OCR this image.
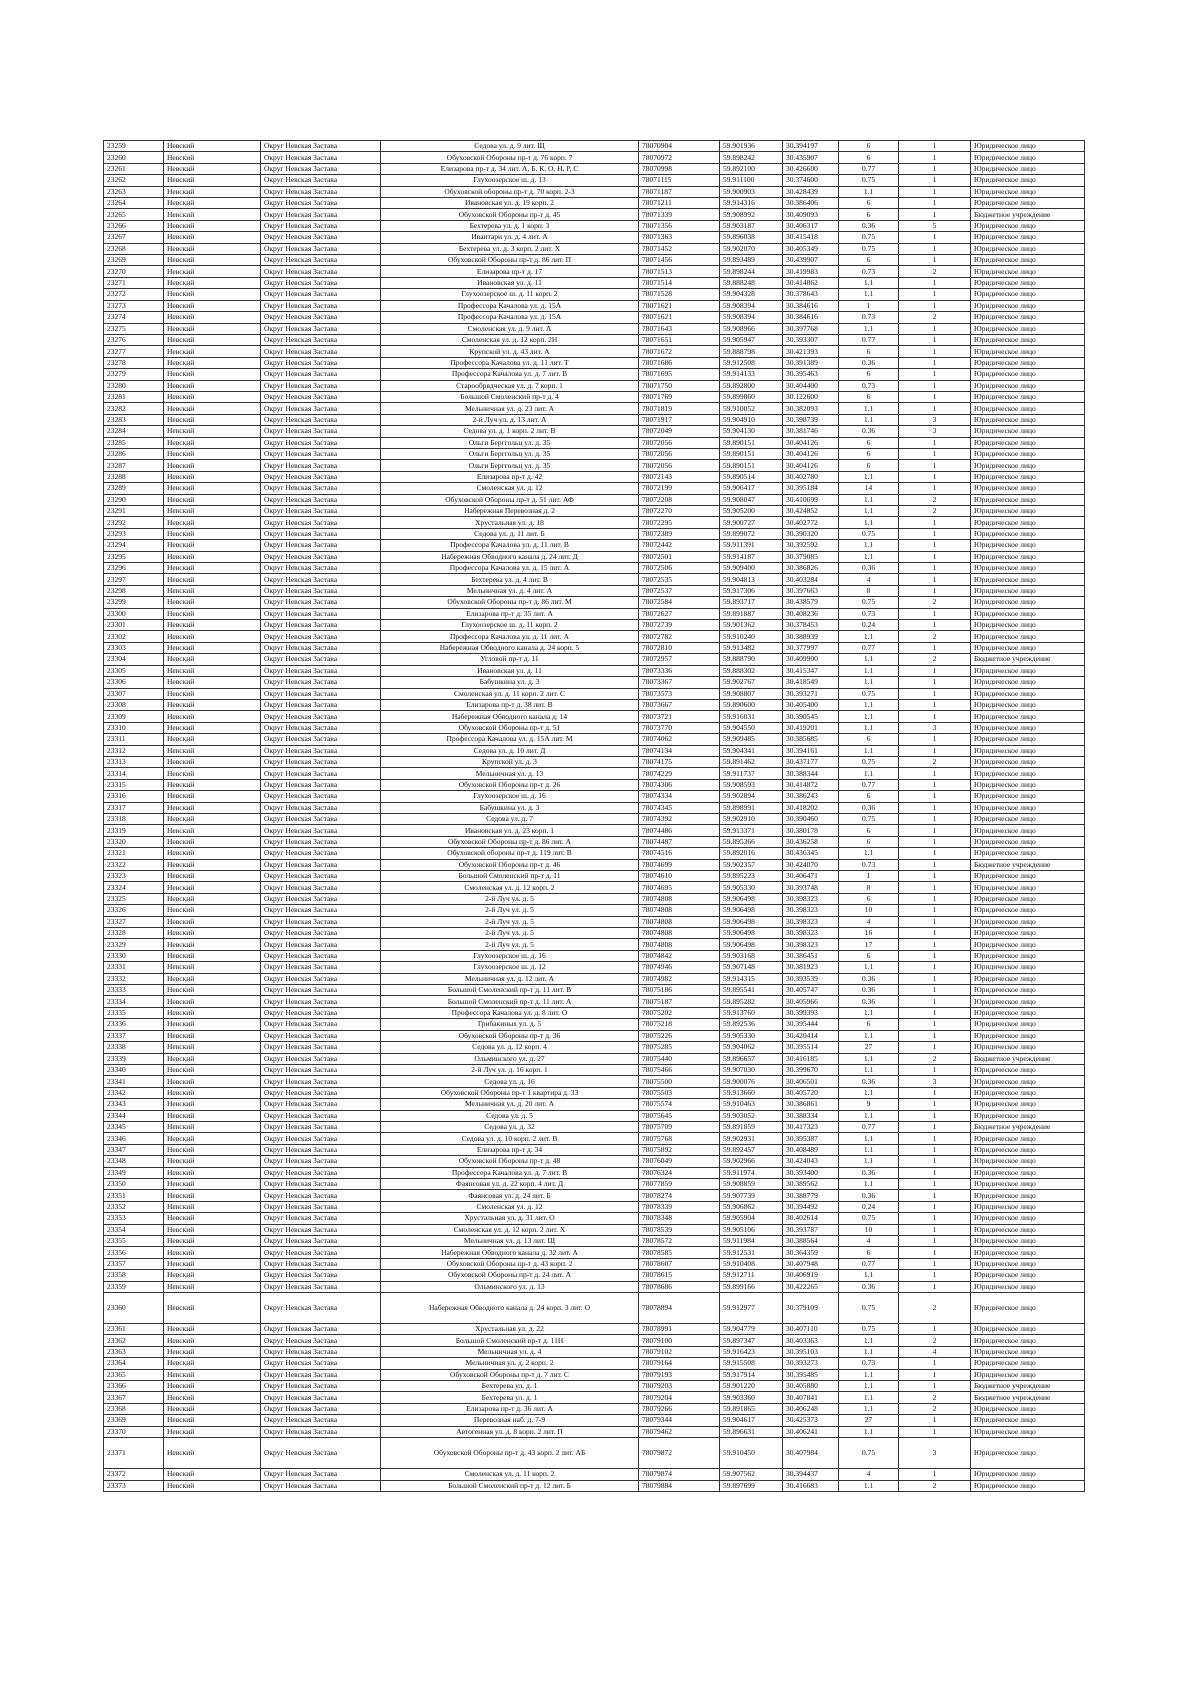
23259	Невский	Округ Невская Застава	Седова ул. д. 9 лит. Щ	78070904	59.901936	30.394197	6	1	Юридическое лицо
23260	Невский	Округ Невская Застава	Обуховской Обороны пр-т д. 76 корп. 7	78070972	59.898242	30.435907	6	1	Юридическое лицо
23261	Невский	Округ Невская Застава	Елизарова пр-т д. 34 лит. А, Б, К, О, Н, Р, С	78070998	59.892100	30.426600	0.77	1	Юридическое лицо
23262	Невский	Округ Невская Застава	Глухоозерское ш. д. 13	78071115	59.911100	30.374600	0.75	1	Юридическое лицо
23263	Невский	Округ Невская Застава	Обуховской обороны пр-т д. 70 корп. 2-3	78071187	59.900903	30.428439	1.1	1	Юридическое лицо
23264	Невский	Округ Невская Застава	Ивановская ул. д. 19 корп. 2	78071211	59.914316	30.386406	6	1	Юридическое лицо
23265	Невский	Округ Невская Застава	Обуховской Обороны пр-т д. 45	78071339	59.908992	30.409093	6	1	Бюджетное учреждение
23266	Невский	Округ Невская Застава	Бехтерева ул. д. 1 корп. 3	78071356	59.903187	30.406317	0.36	5	Юридическое лицо
23267	Невский	Округ Невская Застава	Ивантари ул. д. 4 лит. А	78071363	59.896038	30.415418	0.75	1	Юридическое лицо
23268	Невский	Округ Невская Застава	Бехтерева ул. д. 3 корп. 2 лит. Х	78071452	59.902070	30.405349	0.75	1	Юридическое лицо
23269	Невский	Округ Невская Застава	Обуховской Обороны пр-т д. 86 лит. П	78071456	59.893489	30.439907	6	1	Юридическое лицо
23270	Невский	Округ Невская Застава	Елизарова пр-т д. 17	78071513	59.898244	30.419983	0.73	2	Юридическое лицо
23271	Невский	Округ Невская Застава	Ивановская ул. д. 11	78071514	59.888248	30.414862	1.1	1	Юридическое лицо
23272	Невский	Округ Невская Застава	Глухоозерское ш. д. 11 корп. 2	78071528	59.904328	30.378643	1.1	1	Юридическое лицо
23273	Невский	Округ Невская Застава	Профессора Качалова ул. д. 15А	78071621	59.908394	30.384616	1	1	Юридическое лицо
23274	Невский	Округ Невская Застава	Профессора Качалова ул. д. 15А	78071621	59.908394	30.384616	0.73	2	Юридическое лицо
23275	Невский	Округ Невская Застава	Смоленская ул. д. 9 лит. А	78071643	59.908966	30.397768	1.1	1	Юридическое лицо
23276	Невский	Округ Невская Застава	Смоленская ул. д. 12 корп. 2Н	78071651	59.905947	30.393307	0.77	1	Юридическое лицо
23277	Невский	Округ Невская Застава	Крупской ул. д. 43 лит. А	78071672	59.888798	30.421393	6	1	Юридическое лицо
23278	Невский	Округ Невская Застава	Профессора Качалова ул. д. 11 лит. Т	78071686	59.912508	30.391389	0.36	1	Юридическое лицо
23279	Невский	Округ Невская Застава	Профессора Качалова ул. д. 7 лит. В	78071695	59.914133	30.395463	6	1	Юридическое лицо
23280	Невский	Округ Невская Застава	Старообрядческая ул. д. 7 корп. 1	78071750	59.892800	30.404400	0.73	1	Юридическое лицо
23281	Невский	Округ Невская Застава	Большой Смоленский пр-т д. 4	78071769	59.899860	30.122600	6	1	Юридическое лицо
23282	Невский	Округ Невская Застава	Мельничная ул. д. 23 лит. А	78071819	59.910052	30.382093	1.1	1	Юридическое лицо
23283	Невский	Округ Невская Застава	2-й Луч ул. д. 13 лит. А	78071917	59.904910	30.398739	1.1	3	Юридическое лицо
23284	Невский	Округ Невская Застава	Седова ул. д. 1 корп. 2 лит. В	78072049	59.904130	30.381746	0.36	3	Юридическое лицо
23285	Невский	Округ Невская Застава	Ольги Берггольц ул. д. 35	78072056	59.890151	30.404126	6	1	Юридическое лицо
23286	Невский	Округ Невская Застава	Ольги Берггольц ул. д. 35	78072056	59.890151	30.404126	6	1	Юридическое лицо
23287	Невский	Округ Невская Застава	Ольги Берггольц ул. д. 35	78072056	59.890151	30.404126	6	1	Юридическое лицо
23288	Невский	Округ Невская Застава	Елизарова пр-т д. 42	78072143	59.890514	30.402780	1.1	1	Юридическое лицо
23289	Невский	Округ Невская Застава	Смоленская ул. д. 12	78072199	59.906417	30.395184	14	1	Юридическое лицо
23290	Невский	Округ Невская Застава	Обуховской Обороны пр-т д. 51 лит. АФ	78072208	59.908047	30.410699	1.1	2	Юридическое лицо
23291	Невский	Округ Невская Застава	Набережная Перевозная д. 2	78072270	59.905200	30.424852	1.1	2	Юридическое лицо
23292	Невский	Округ Невская Застава	Хрустальная ул. д. 18	78072295	59.900727	30.402772	1.1	1	Юридическое лицо
23293	Невский	Округ Невская Застава	Седова ул. д. 11 лит. Б	78072389	59.899072	30.390320	0.75	1	Юридическое лицо
23294	Невский	Округ Невская Застава	Профессора Качалова ул. д. 11 лит. В	78072442	59.911391	30.392592	1.1	1	Юридическое лицо
23295	Невский	Округ Невская Застава	Набережная Обводного канала д. 24 лит. Д	78072501	59.914187	30.379085	1.1	1	Юридическое лицо
23296	Невский	Округ Невская Застава	Профессора Качалова ул. д. 15 лит. А	78072506	59.909400	30.386826	0.36	1	Юридическое лицо
23297	Невский	Округ Невская Застава	Бехтерева ул. д. 4 лит. В	78072535	59.904813	30.403284	4	1	Юридическое лицо
23298	Невский	Округ Невская Застава	Мельничная ул. д. 4 лит. А	78072537	59.917306	30.397663	8	1	Юридическое лицо
23299	Невский	Округ Невская Застава	Обуховской Обороны пр-т д. 86 лит. М	78072584	59.893717	30.438579	0.75	2	Юридическое лицо
23300	Невский	Округ Невская Застава	Елизарова пр-т д. 35 лит. А	78072627	59.891887	30.408236	0.73	1	Юридическое лицо
23301	Невский	Округ Невская Застава	Глухоозерское ш. д. 11 корп. 2	78072739	59.901362	30.378453	0.24	1	Юридическое лицо
23302	Невский	Округ Невская Застава	Профессора Качалова ул. д. 11 лит. А	78072782	59.910240	30.388939	1.1	2	Юридическое лицо
23303	Невский	Округ Невская Застава	Набережная Обводного канала д. 24 корп. 5	78072810	59.913482	30.377997	0.77	1	Юридическое лицо
23304	Невский	Округ Невская Застава	Угловой пр-т д. 11	78072957	59.888790	30.409900	1.1	2	Бюджетное учреждение
23305	Невский	Округ Невская Застава	Ивановская ул. д. 11	78073336	59.888302	30.415347	1.1	1	Юридическое лицо
23306	Невский	Округ Невская Застава	Бабушкина ул. д. 3	78073367	59.902767	30.418549	1.1	1	Юридическое лицо
23307	Невский	Округ Невская Застава	Смоленская ул. д. 11 корп. 2 лит. С	78073573	59.908807	30.393271	0.75	1	Юридическое лицо
23308	Невский	Округ Невская Застава	Елизарова пр-т д. 38 лит. В	78073667	59.890600	30.405400	1.1	1	Юридическое лицо
23309	Невский	Округ Невская Застава	Набережная Обводного канала д. 14	78073721	59.916031	30.390545	1.1	1	Юридическое лицо
23310	Невский	Округ Невская Застава	Обуховской Обороны пр-т д. 51	78073770	59.904550	30.419201	1.1	3	Юридическое лицо
23311	Невский	Округ Невская Застава	Профессора Качалова ул. д. 15А лит. М	78074062	59.909485	30.385685	6	1	Юридическое лицо
23312	Невский	Округ Невская Застава	Седова ул. д. 10 лит. Д	78074134	59.904341	30.394161	1.1	1	Юридическое лицо
23313	Невский	Округ Невская Застава	Крупской ул. д. 3	78074175	59.891462	30.437177	0.75	2	Юридическое лицо
23314	Невский	Округ Невская Застава	Мельничная ул. д. 13	78074229	59.911737	30.388344	1.1	1	Юридическое лицо
23315	Невский	Округ Невская Застава	Обуховской Обороны пр-т д. 26	78074306	59.908593	30.414872	0.77	1	Юридическое лицо
23316	Невский	Округ Невская Застава	Глухоозерское ш. д. 16	78074334	59.902894	30.386243	6	1	Юридическое лицо
23317	Невский	Округ Невская Застава	Бабушкина ул. д. 3	78074345	59.898991	30.418202	0.36	1	Юридическое лицо
23318	Невский	Округ Невская Застава	Седова ул. д. 7	78074392	59.902910	30.390460	0.75	1	Юридическое лицо
23319	Невский	Округ Невская Застава	Ивановская ул. д. 23 корп. 1	78074486	59.913371	30.380178	6	1	Юридическое лицо
23320	Невский	Округ Невская Застава	Обуховской Обороны пр-т д. 86 лит. А	78074487	59.895366	30.436258	6	1	Юридическое лицо
23321	Невский	Округ Невская Застава	Обуховской обороны пр-т д. 119 лит. В	78074516	59.892016	30.436345	1.1	1	Юридическое лицо
23322	Невский	Округ Невская Застава	Обуховской Обороны пр-т д. 46	78074699	59.902357	30.424070	0.73	1	Бюджетное учреждение
23323	Невский	Округ Невская Застава	Большой Смоленский пр-т д. 11	78074610	59.895223	30.406471	1	1	Юридическое лицо
23324	Невский	Округ Невская Застава	Смоленская ул. д. 12 корп. 2	78074695	59.905330	30.393748	8	1	Юридическое лицо
23325	Невский	Округ Невская Застава	2-й Луч ул. д. 5	78074808	59.906498	30.398323	6	1	Юридическое лицо
23326	Невский	Округ Невская Застава	2-й Луч ул. д. 5	78074808	59.906498	30.398323	10	1	Юридическое лицо
23327	Невский	Округ Невская Застава	2-й Луч ул. д. 5	78074808	59.906498	30.398323	4	1	Юридическое лицо
23328	Невский	Округ Невская Застава	2-й Луч ул. д. 5	78074808	59.906498	30.398323	16	1	Юридическое лицо
23329	Невский	Округ Невская Застава	2-й Луч ул. д. 5	78074808	59.906498	30.398323	17	1	Юридическое лицо
23330	Невский	Округ Невская Застава	Глухоозерское ш. д. 16	78074842	59.903168	30.386451	6	1	Юридическое лицо
23331	Невский	Округ Невская Застава	Глухоозерское ш. д. 12	78074946	59.907148	30.381923	1.1	1	Юридическое лицо
23332	Невский	Округ Невская Застава	Мельничная ул. д. 12 лит. А	78074982	59.914315	30.393539	0.36	1	Юридическое лицо
23333	Невский	Округ Невская Застава	Большой Смоленский пр-т д. 11 лит. В	78075186	59.895541	30.405747	0.36	1	Юридическое лицо
23334	Невский	Округ Невская Застава	Большой Смоленский пр-т д. 11 лит. А	78075187	59.895282	30.405966	0.36	1	Юридическое лицо
23335	Невский	Округ Невская Застава	Профессора Качалова ул. д. 8 лит. О	78075202	59.913760	30.399393	1.1	1	Юридическое лицо
23336	Невский	Округ Невская Застава	Грибакиных ул. д. 5	78075218	59.892536	30.395444	6	1	Юридическое лицо
23337	Невский	Округ Невская Застава	Обуховской Обороны пр-т д. 36	78075226	59.905330	30.420414	1.1	1	Юридическое лицо
23338	Невский	Округ Невская Застава	Седова ул. д. 12 корп. 4	78075285	59.904062	30.395514	27	1	Юридическое лицо
23339	Невский	Округ Невская Застава	Ольминского ул. д. 27	78075440	59.896657	30.416185	1.1	2	Бюджетное учреждение
23340	Невский	Округ Невская Застава	2-й Луч ул. д. 16 корп. 1	78075466	59.907030	30.399670	1.1	1	Юридическое лицо
23341	Невский	Округ Невская Застава	Седова ул. д. 16	78075500	59.900076	30.406501	0.36	3	Юридическое лицо
23342	Невский	Округ Невская Застава	Обуховской Обороны пр-т 1 квартира д. 33	78075503	59.913660	30.405720	1.1	1	Юридическое лицо
23343	Невский	Округ Невская Застава	Мельничная ул. д. 20 лит. А	78075574	59.910463	30.386861	9	1	Юридическое лицо
23344	Невский	Округ Невская Застава	Седова ул. д. 5	78075645	59.903052	30.388334	1.1	1	Юридическое лицо
23345	Невский	Округ Невская Застава	Седова ул. д. 32	78075709	59.891859	30.417323	0.77	1	Бюджетное учреждение
23346	Невский	Округ Невская Застава	Седова ул. д. 10 корп. 2 лит. В	78075768	59.902931	30.395387	1.1	1	Юридическое лицо
23347	Невский	Округ Невская Застава	Елизарова пр-т д. 34	78075892	59.892457	30.408489	1.1	1	Юридическое лицо
23348	Невский	Округ Невская Застава	Обуховской Обороны пр-т д. 48	78076049	59.902966	30.424043	1.1	1	Юридическое лицо
23349	Невский	Округ Невская Застава	Профессора Качалова ул. д. 7 лит. В	78076324	59.911974	30.393400	0.36	1	Юридическое лицо
23350	Невский	Округ Невская Застава	Фаянсовая ул. д. 22 корп. 4 лит. Д	78077859	59.908859	30.389562	1.1	1	Юридическое лицо
23351	Невский	Округ Невская Застава	Фаянсовая ул. д. 24 лит. Б	78078274	59.907739	30.388779	0.36	1	Юридическое лицо
23352	Невский	Округ Невская Застава	Смоленская ул. д. 12	78078339	59.906862	30.394492	0.24	1	Юридическое лицо
23353	Невский	Округ Невская Застава	Хрустальная ул. д. 31 лит. О	78078348	59.905904	30.402614	0.75	1	Юридическое лицо
23354	Невский	Округ Невская Застава	Смоленская ул. д. 12 корп. 2 лит. Х	78078539	59.905106	30.393787	10	1	Юридическое лицо
23355	Невский	Округ Невская Застава	Мельничная ул. д. 13 лит. Щ	78078572	59.911984	30.388564	4	1	Юридическое лицо
23356	Невский	Округ Невская Застава	Набережная Обводного канала д. 32 лит. А	78078585	59.912531	30.364359	6	1	Юридическое лицо
23357	Невский	Округ Невская Застава	Обуховской Обороны пр-т д. 43 корп. 2	78078607	59.910408	30.407948	0.77	1	Юридическое лицо
23358	Невский	Округ Невская Застава	Обуховской Обороны пр-т д. 24 лит. А	78078615	59.912711	30.406919	1.1	1	Юридическое лицо
23359	Невский	Округ Невская Застава	Ольминского ул. д. 13	78078686	59.899166	30.422265	0.36	1	Юридическое лицо
23360	Невский	Округ Невская Застава	Набережная Обводного канала д. 24 корп. 3 лит. О	78078894	59.912977	30.379109	0.75	2	Юридическое лицо
23361	Невский	Округ Невская Застава	Хрустальная ул. д. 22	78078991	59.904779	30.407110	0.75	1	Юридическое лицо
23362	Невский	Округ Невская Застава	Большой Смоленский пр-т д. 11Н	78079100	59.897347	30.403363	1.1	2	Юридическое лицо
23363	Невский	Округ Невская Застава	Мельничная ул. д. 4	78079102	59.916423	30.395103	1.1	4	Юридическое лицо
23364	Невский	Округ Невская Застава	Мельничная ул. д. 2 корп. 2	78079164	59.915508	30.393273	0.73	1	Юридическое лицо
23365	Невский	Округ Невская Застава	Обуховской Обороны пр-т д. 7 лит. С	78079193	59.917914	30.395485	1.1	1	Юридическое лицо
23366	Невский	Округ Невская Застава	Бехтерева ул. д. 1	78079203	59.901220	30.405880	1.1	1	Бюджетное учреждение
23367	Невский	Округ Невская Застава	Бехтерева ул. д. 1	78079204	59.903360	30.407841	1.1	2	Бюджетное учреждение
23368	Невский	Округ Невская Застава	Елизарова пр-т д. 36 лит. А	78079266	59.891865	30.406248	1.1	2	Юридическое лицо
23369	Невский	Округ Невская Застава	Перевозная наб. д. 7-9	78079344	59.904617	30.425373	27	1	Юридическое лицо
23370	Невский	Округ Невская Застава	Автогенная ул. д. 8 корп. 2 лит. П	78079462	59.896631	30.406241	1.1	1	Юридическое лицо
23371	Невский	Округ Невская Застава	Обуховской Обороны пр-т д. 43 корп. 2 лит. АБ	78079872	59.910450	30.407984	0.75	3	Юридическое лицо
23372	Невский	Округ Невская Застава	Смоленская ул. д. 11 корп. 2	78079874	59.907562	30.394437	4	1	Юридическое лицо
23373	Невский	Округ Невская Застава	Большой Смоленский пр-т д. 12 лит. Б	78079884	59.897699	30.416683	1.1	2	Юридическое лицо
